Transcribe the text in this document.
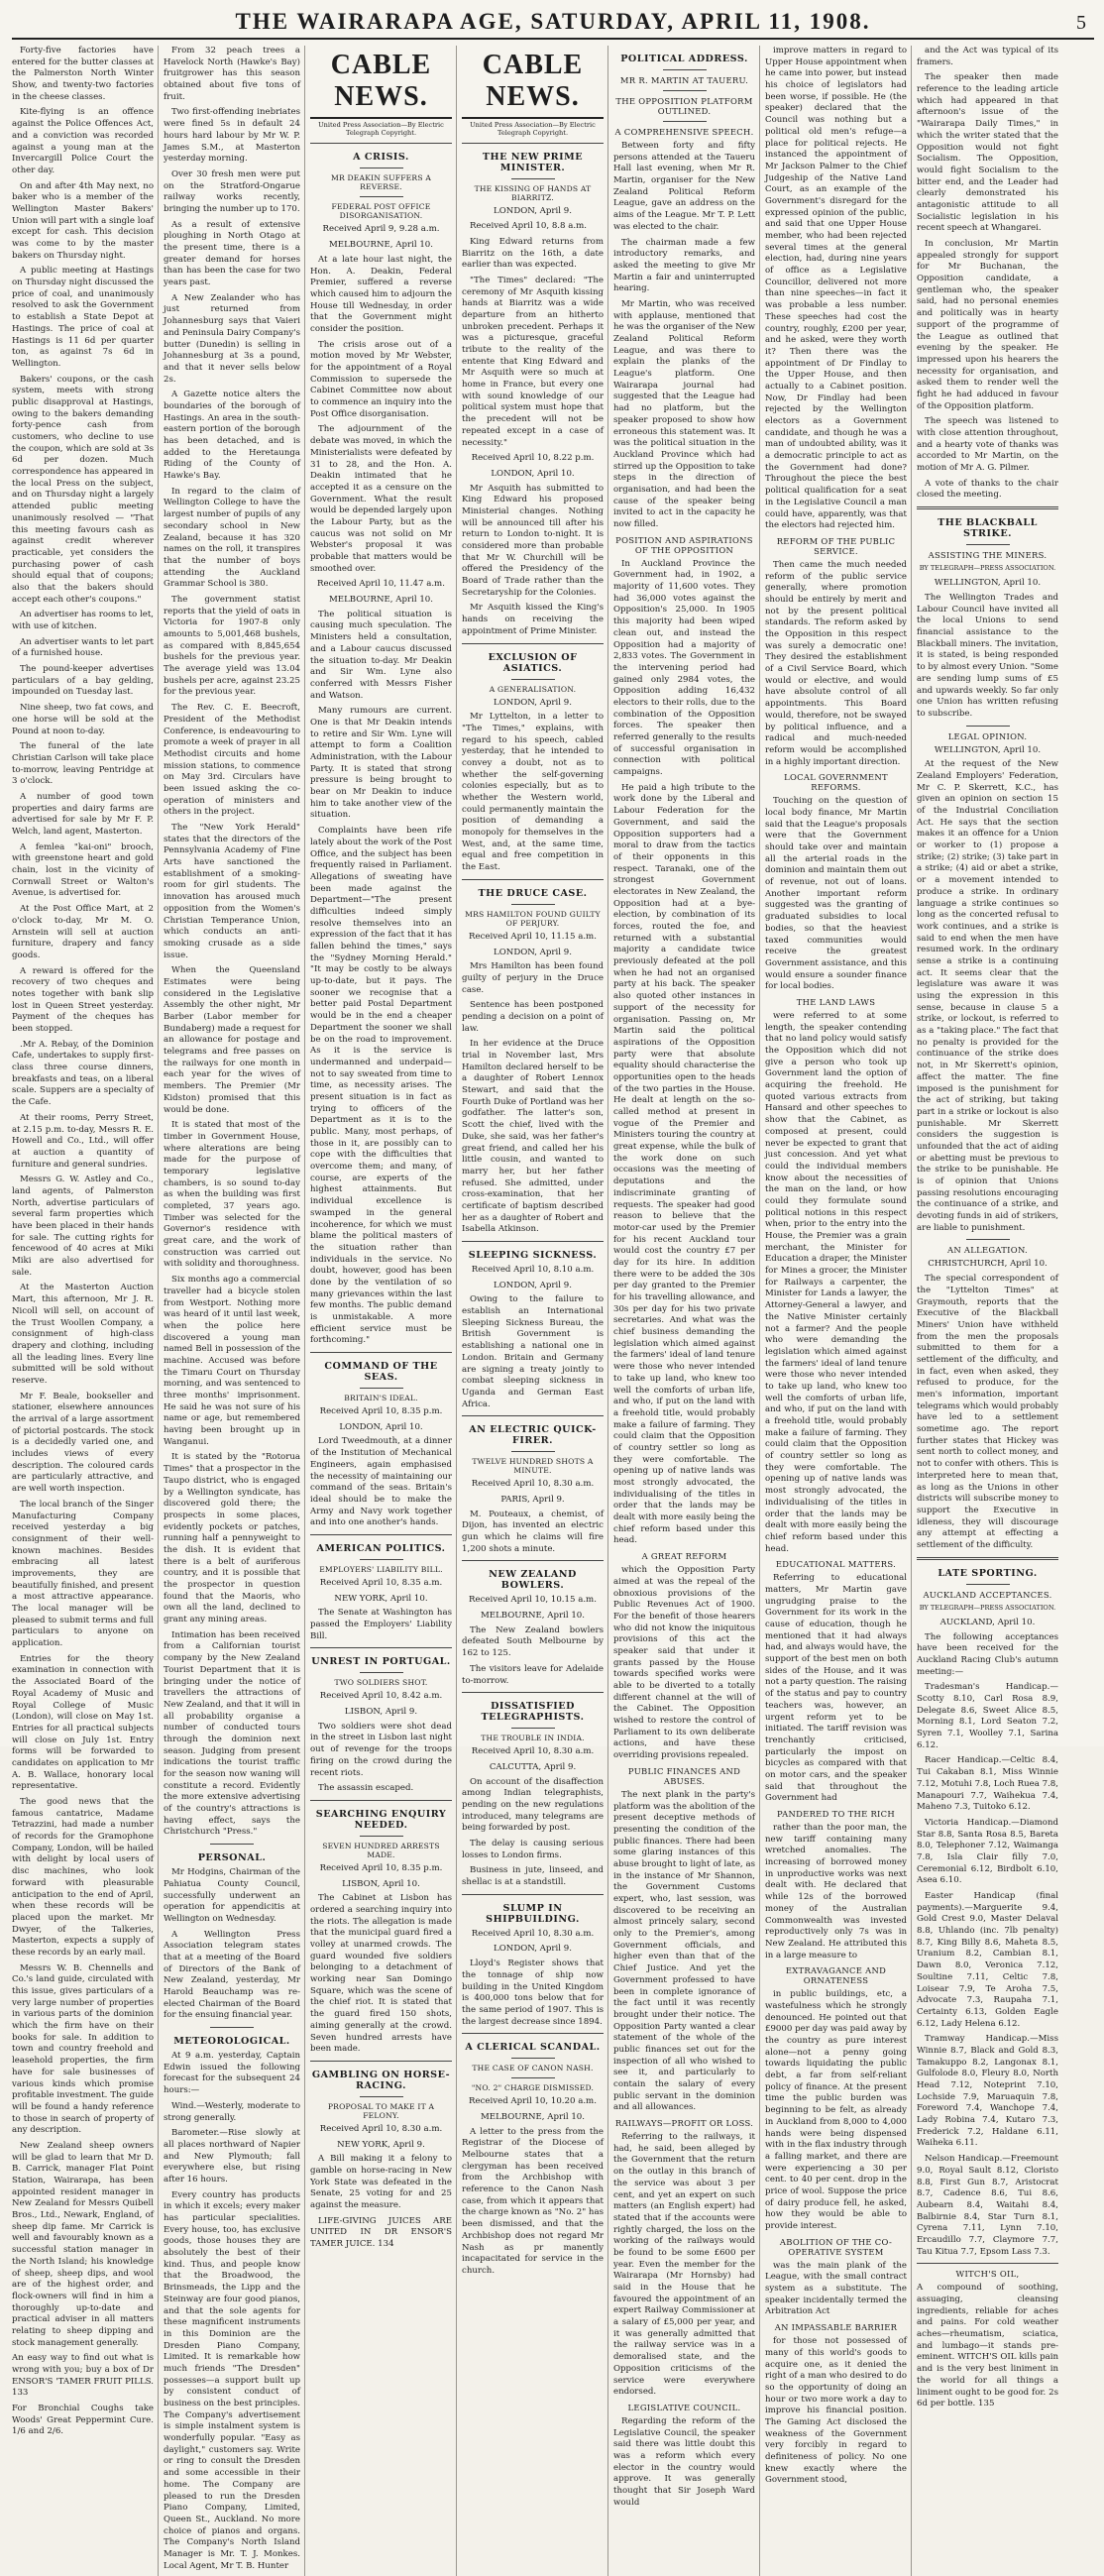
THE WAIRARAPA AGE, SATURDAY, APRIL 11, 1908.	5

Forty-five factories have entered for the butter classes at the Palmerston North Winter Show, and twenty-two factories in the cheese classes.

Kite-flying is an offence against the Police Offences Act, and a conviction was recorded against a young man at the Invercargill Police Court the other day.

On and after 4th May next, no baker who is a member of the Wellington Master Bakers' Union will part with a single loaf except for cash. This decision was come to by the master bakers on Thursday night.

A public meeting at Hastings on Thursday night discussed the price of coal, and unanimously resolved to ask the Government to establish a State Depot at Hastings. The price of coal at Hastings is 11 6d per quarter ton, as against 7s 6d in Wellington.

Bakers' coupons, or the cash system, meets with strong public disapproval at Hastings, owing to the bakers demanding forty-pence cash from customers, who decline to use the coupon, which are sold at 3s 6d per dozen. Much correspondence has appeared in the local Press on the subject, and on Thursday night a largely attended public meeting unanimously resolved — "That this meeting favours cash as against credit wherever practicable, yet considers the purchasing power of cash should equal that of coupons; also that the bakers should accept each other's coupons."

An advertiser has rooms to let, with use of kitchen.

An advertiser wants to let part of a furnished house.

The pound-keeper advertises particulars of a bay gelding, impounded on Tuesday last.

Nine sheep, two fat cows, and one horse will be sold at the Pound at noon to-day.

The funeral of the late Christian Carlson will take place to-morrow, leaving Pentridge at 3 o'clock.

A number of good town properties and dairy farms are advertised for sale by Mr F. P. Welch, land agent, Masterton.

A femlea "kai-oni" brooch, with greenstone heart and gold chain, lost in the vicinity of Cornwall Street or Walton's Avenue, is advertised for.

At the Post Office Mart, at 2 o'clock to-day, Mr M. O. Arnstein will sell at auction furniture, drapery and fancy goods.

A reward is offered for the recovery of two cheques and notes together with bank slip lost in Queen Street yesterday. Payment of the cheques has been stopped.

.Mr A. Rebay, of the Dominion Cafe, undertakes to supply first-class three course dinners, breakfasts and teas, on a liberal scale. Suppers are a specialty of the Cafe.

At their rooms, Perry Street, at 2.15 p.m. to-day, Messrs R. E. Howell and Co., Ltd., will offer at auction a quantity of furniture and general sundries.

Messrs G. W. Astley and Co., land agents, of Palmerston North, advertise particulars of several farm properties which have been placed in their hands for sale. The cutting rights for fencewood of 40 acres at Miki Miki are also advertised for sale.

At the Masterton Auction Mart, this afternoon, Mr J. R. Nicoll will sell, on account of the Trust Woollen Company, a consignment of high-class drapery and clothing, including all the leading lines. Every line submitted will be sold without reserve.

Mr F. Beale, bookseller and stationer, elsewhere announces the arrival of a large assortment of pictorial postcards. The stock is a decidedly varied one, and includes views of every description. The coloured cards are particularly attractive, and are well worth inspection.

The local branch of the Singer Manufacturing Company received yesterday a big consignment of their well-known machines. Besides embracing all latest improvements, they are beautifully finished, and present a most attractive appearance. The local manager will be pleased to submit terms and full particulars to anyone on application.

Entries for the theory examination in connection with the Associated Board of the Royal Academy of Music and Royal College of Music (London), will close on May 1st. Entries for all practical subjects will close on July 1st. Entry forms will be forwarded to candidates on application to Mr A. B. Wallace, honorary local representative.

The good news that the famous cantatrice, Madame Tetrazzini, had made a number of records for the Gramophone Company, London, will be hailed with delight by local users of disc machines, who look forward with pleasurable anticipation to the end of April, when these records will be placed upon the market. Mr Dwyer, of the Talkeries, Masterton, expects a supply of these records by an early mail.

Messrs W. B. Chennells and Co.'s land guide, circulated with this issue, gives particulars of a very large number of properties in various parts of the dominion which the firm have on their books for sale. In addition to town and country freehold and leasehold properties, the firm have for sale businesses of various kinds which promise profitable investment. The guide will be found a handy reference to those in search of property of any description.

New Zealand sheep owners will be glad to learn that Mr D. B. Carrick, manager Flat Point Station, Wairarapa, has been appointed resident manager in New Zealand for Messrs Quibell Bros., Ltd., Newark, England, of sheep dip fame. Mr Carrick is well and favourably known as a successful station manager in the North Island; his knowledge of sheep, sheep dips, and wool are of the highest order, and flock-owners will find in him a thoroughly up-to-date and practical adviser in all matters relating to sheep dipping and stock management generally.

An easy way to find out what is wrong with you; buy a box of Dr ENSOR'S 'TAMER FRUIT PILLS. 133

For Bronchial Coughs take Woods' Great Peppermint Cure. 1/6 and 2/6.

From 32 peach trees a Havelock North (Hawke's Bay) fruitgrower has this season obtained about five tons of fruit.

Two first-offending inebriates were fined 5s in default 24 hours hard labour by Mr W. P. James S.M., at Masterton yesterday morning.

Over 30 fresh men were put on the Stratford-Ongarue railway works recently, bringing the number up to 170.

As a result of extensive ploughing in North Otago at the present time, there is a greater demand for horses than has been the case for two years past.

A New Zealander who has just returned from Johannesburg says that Vaieri and Peninsula Dairy Company's butter (Dunedin) is selling in Johannesburg at 3s a pound, and that it never sells below 2s.

A Gazette notice alters the boundaries of the borough of Hastings. An area in the south-eastern portion of the borough has been detached, and is added to the Heretaunga Riding of the County of Hawke's Bay.

In regard to the claim of Wellington College to have the largest number of pupils of any secondary school in New Zealand, because it has 320 names on the roll, it transpires that the number of boys attending the Auckland Grammar School is 380.

The government statist reports that the yield of oats in Victoria for 1907-8 only amounts to 5,001,468 bushels, as compared with 8,845,654 bushels for the previous year. The average yield was 13.04 bushels per acre, against 23.25 for the previous year.

The Rev. C. E. Beecroft, President of the Methodist Conference, is endeavouring to promote a week of prayer in all Methodist circuits and home mission stations, to commence on May 3rd. Circulars have been issued asking the co-operation of ministers and others in the project.

The "New York Herald" states that the directors of the Pennsylvania Academy of Fine Arts have sanctioned the establishment of a smoking-room for girl students. The innovation has aroused much opposition from the Women's Christian Temperance Union, which conducts an anti-smoking crusade as a side issue.

When the Queensland Estimates were being considered in the Legislative Assembly the other night, Mr Barber (Labor member for Bundaberg) made a request for an allowance for postage and telegrams and free passes on the railways for one month in each year for the wives of members. The Premier (Mr Kidston) promised that this would be done.

It is stated that most of the timber in Government House, where alterations are being made for the purpose of temporary legislative chambers, is so sound to-day as when the building was first completed, 37 years ago. Timber was selected for the Governor's residence with great care, and the work of construction was carried out with solidity and thoroughness.

Six months ago a commercial traveller had a bicycle stolen from Westport. Nothing more was heard of it until last week, when the police here discovered a young man named Bell in possession of the machine. Accused was before the Timaru Court on Thursday morning, and was sentenced to three months' imprisonment. He said he was not sure of his name or age, but remembered having been brought up in Wanganui.

It is stated by the "Rotorua Times" that a prospector in the Taupo district, who is engaged by a Wellington syndicate, has discovered gold there; the prospects in some places, evidently pockets or patches, running half a pennyweight to the dish. It is evident that there is a belt of auriferous country, and it is possible that the prospector in question found that the Maoris, who own all the land, declined to grant any mining areas.

Intimation has been received from a Californian tourist company by the New Zealand Tourist Department that it is bringing under the notice of travellers the attractions of New Zealand, and that it will in all probability organise a number of conducted tours through the dominion next season. Judging from present indications the tourist traffic for the season now waning will constitute a record. Evidently the more extensive advertising of the country's attractions is having effect, says the Christchurch "Press."

PERSONAL.

Mr Hodgins, Chairman of the Pahiatua County Council, successfully underwent an operation for appendicitis at Wellington on Wednesday.

A Wellington Press Association telegram states that at a meeting of the Board of Directors of the Bank of New Zealand, yesterday, Mr Harold Beauchamp was re-elected Chairman of the Board for the ensuing financial year.

METEOROLOGICAL.

At 9 a.m. yesterday, Captain Edwin issued the following forecast for the subsequent 24 hours:—

Wind.—Westerly, moderate to strong generally.

Barometer.—Rise slowly at all places northward of Napier and New Plymouth; fall everywhere else, but rising after 16 hours.

Every country has products in which it excels; every maker has particular specialities. Every house, too, has exclusive goods, those houses they are absolutely the best of their kind. Thus, and people know that the Broadwood, the Brinsmeads, the Lipp and the Steinway are four good pianos, and that the sole agents for these magnificent instruments in this Dominion are the Dresden Piano Company, Limited. It is remarkable how much friends "The Dresden" possesses—a support built up by consistent conduct of business on the best principles. The Company's advertisement is simple instalment system is wonderfully popular. "Easy as daylight," customers say. Write or ring to consult the Dresden and some accessible in their home. The Company are pleased to run the Dresden Piano Company, Limited, Queen St., Auckland. No more choice of pianos and organs. The Company's North Island Manager is Mr. T. J. Monkes. Local Agent, Mr T. B. Hunter

CABLE NEWS.

United Press Association—By Electric Telegraph Copyright.

A CRISIS.
MR DEAKIN SUFFERS A REVERSE.
FEDERAL POST OFFICE DISORGANISATION.

Received April 9, 9.28 a.m.

MELBOURNE, April 10.

At a late hour last night, the Hon. A. Deakin, Federal Premier, suffered a reverse which caused him to adjourn the House till Wednesday, in order that the Government might consider the position.

The crisis arose out of a motion moved by Mr Webster, for the appointment of a Royal Commission to supersede the Cabinet Committee now about to commence an inquiry into the Post Office disorganisation.

The adjournment of the debate was moved, in which the Ministerialists were defeated by 31 to 28, and the Hon. A. Deakin intimated that he accepted it as a censure on the Government. What the result would be depended largely upon the Labour Party, but as the caucus was not solid on Mr Webster's proposal it was probable that matters would be smoothed over.

Received April 10, 11.47 a.m.

MELBOURNE, April 10.

The political situation is causing much speculation. The Ministers held a consultation, and a Labour caucus discussed the situation to-day. Mr Deakin and Sir Wm. Lyne also conferred with Messrs Fisher and Watson.

Many rumours are current. One is that Mr Deakin intends to retire and Sir Wm. Lyne will attempt to form a Coalition Administration, with the Labour Party. It is stated that strong pressure is being brought to bear on Mr Deakin to induce him to take another view of the situation.

Complaints have been rife lately about the work of the Post Office, and the subject has been frequently raised in Parliament. Allegations of sweating have been made against the Department—"The present difficulties indeed simply resolve themselves into an expression of the fact that it has fallen behind the times," says the "Sydney Morning Herald." "It may be costly to be always up-to-date, but it pays. The sooner we recognise that a better paid Postal Department would be in the end a cheaper Department the sooner we shall be on the road to improvement. As it is the service is undermanned and underpaid—not to say sweated from time to time, as necessity arises. The present situation is in fact as trying to officers of the Department as it is to the public. Many, most perhaps, of those in it, are possibly can to cope with the difficulties that overcome them; and many, of course, are experts of the highest attainments. But individual excellence is swamped in the general incoherence, for which we must blame the political masters of the situation rather than individuals in the service. No doubt, however, good has been done by the ventilation of so many grievances within the last few months. The public demand is unmistakable. A more efficient service must be forthcoming."

COMMAND OF THE SEAS.
BRITAIN'S IDEAL.

Received April 10, 8.35 p.m.

LONDON, April 10.

Lord Tweedmouth, at a dinner of the Institution of Mechanical Engineers, again emphasised the necessity of maintaining our command of the seas. Britain's ideal should be to make the Army and Navy work together and into one another's hands.

AMERICAN POLITICS.
EMPLOYERS' LIABILITY BILL.

Received April 10, 8.35 a.m.

NEW YORK, April 10.

The Senate at Washington has passed the Employers' Liability Bill.

UNREST IN PORTUGAL.
TWO SOLDIERS SHOT.

Received April 10, 8.42 a.m.

LISBON, April 9.

Two soldiers were shot dead in the street in Lisbon last night out of revenge for the troops firing on the crowd during the recent riots.

The assassin escaped.

SEARCHING ENQUIRY NEEDED.
SEVEN HUNDRED ARRESTS MADE.

Received April 10, 8.35 p.m.

LISBON, April 10.

The Cabinet at Lisbon has ordered a searching inquiry into the riots. The allegation is made that the municipal guard fired a volley at unarmed crowds. The guard wounded five soldiers belonging to a detachment of working near San Domingo Square, which was the scene of the chief riot. It is stated that the guard fired 150 shots, aiming generally at the crowd. Seven hundred arrests have been made.

GAMBLING ON HORSE-RACING.
PROPOSAL TO MAKE IT A FELONY.

Received April 10, 8.30 a.m.

NEW YORK, April 9.

A Bill making it a felony to gamble on horse-racing in New York State was defeated in the Senate, 25 voting for and 25 against the measure.

LIFE-GIVING JUICES ARE UNITED IN DR ENSOR'S TAMER JUICE. 134

CABLE NEWS.

United Press Association—By Electric Telegraph Copyright.

THE NEW PRIME MINISTER.
THE KISSING OF HANDS AT BIARRITZ.

LONDON, April 9.

Received April 10, 8.8 a.m.

King Edward returns from Biarritz on the 16th, a date earlier than was expected.

"The Times" declared: "The ceremony of Mr Asquith kissing hands at Biarritz was a wide departure from an hitherto unbroken precedent. Perhaps it was a picturesque, graceful tribute to the reality of the entente that King Edward and Mr Asquith were so much at home in France, but every one with sound knowledge of our political system must hope that the precedent will not be repeated except in a case of necessity."

Received April 10, 8.22 p.m.

LONDON, April 10.

Mr Asquith has submitted to King Edward his proposed Ministerial changes. Nothing will be announced till after his return to London to-night. It is considered more than probable that Mr W. Churchill will be offered the Presidency of the Board of Trade rather than the Secretaryship for the Colonies.

Mr Asquith kissed the King's hands on receiving the appointment of Prime Minister.

EXCLUSION OF ASIATICS.
A GENERALISATION.

LONDON, April 9.

Mr Lyttelton, in a letter to "The Times," explains, with regard to his speech, cabled yesterday, that he intended to convey a doubt, not as to whether the self-governing colonies especially, but as to whether the Western world, could permanently maintain the position of demanding a monopoly for themselves in the West, and, at the same time, equal and free competition in the East.

THE DRUCE CASE.
MRS HAMILTON FOUND GUILTY OF PERJURY.

Received April 10, 11.15 a.m.

LONDON, April 9.

Mrs Hamilton has been found guilty of perjury in the Druce case.

Sentence has been postponed pending a decision on a point of law.

In her evidence at the Druce trial in November last, Mrs Hamilton declared herself to be a daughter of Robert Lennox Stewart, and said that the Fourth Duke of Portland was her godfather. The latter's son, Scott the chief, lived with the Duke, she said, was her father's great friend, and called her his little cousin, and wanted to marry her, but her father refused. She admitted, under cross-examination, that her certificate of baptism described her as a daughter of Robert and Isabella Atkinson.

SLEEPING SICKNESS.

Received April 10, 8.10 a.m.

LONDON, April 9.

Owing to the failure to establish an International Sleeping Sickness Bureau, the British Government is establishing a national one in London. Britain and Germany are signing a treaty jointly to combat sleeping sickness in Uganda and German East Africa.

AN ELECTRIC QUICK-FIRER.
TWELVE HUNDRED SHOTS A MINUTE.

Received April 10, 8.30 a.m.

PARIS, April 9.

M. Pouteaux, a chemist, of Dijon, has invented an electric gun which he claims will fire 1,200 shots a minute.

NEW ZEALAND BOWLERS.

Received April 10, 10.15 a.m.

MELBOURNE, April 10.

The New Zealand bowlers defeated South Melbourne by 162 to 125.

The visitors leave for Adelaide to-morrow.

DISSATISFIED TELEGRAPHISTS.
THE TROUBLE IN INDIA.

Received April 10, 8.30 a.m.

CALCUTTA, April 9.

On account of the disaffection among Indian telegraphists, pending on the new regulations introduced, many telegrams are being forwarded by post.

The delay is causing serious losses to London firms.

Business in jute, linseed, and shellac is at a standstill.

SLUMP IN SHIPBUILDING.

Received April 10, 8.30 a.m.

LONDON, April 9.

Lloyd's Register shows that the tonnage of ship now building in the United Kingdom is 400,000 tons below that for the same period of 1907. This is the largest decrease since 1894.

A CLERICAL SCANDAL.
THE CASE OF CANON NASH.
"NO. 2" CHARGE DISMISSED.

Received April 10, 10.20 a.m.

MELBOURNE, April 10.

A letter to the press from the Registrar of the Diocese of Melbourne states that a clergyman has been received from the Archbishop with reference to the Canon Nash case, from which it appears that the charge known as "No. 2" has been dismissed, and that the Archbishop does not regard Mr Nash as pr manently incapacitated for service in the church.

POLITICAL ADDRESS.
MR R. MARTIN AT TAUERU.
THE OPPOSITION PLATFORM OUTLINED.
A COMPREHENSIVE SPEECH.

Between forty and fifty persons attended at the Taueru Hall last evening, when Mr R. Martin, organiser for the New Zealand Political Reform League, gave an address on the aims of the League. Mr T. P. Lett was elected to the chair.

The chairman made a few introductory remarks, and asked the meeting to give Mr Martin a fair and uninterrupted hearing.

Mr Martin, who was received with applause, mentioned that he was the organiser of the New Zealand Political Reform League, and was there to explain the planks of the League's platform. One Wairarapa journal had suggested that the League had had no platform, but the speaker proposed to show how erroneous this statement was. It was the political situation in the Auckland Province which had stirred up the Opposition to take steps in the direction of organisation, and had been the cause of the speaker being invited to act in the capacity he now filled.

POSITION AND ASPIRATIONS OF THE OPPOSITION

In Auckland Province the Government had, in 1902, a majority of 11,600 votes. They had 36,000 votes against the Opposition's 25,000. In 1905 this majority had been wiped clean out, and instead the Opposition had a majority of 2,833 votes. The Government in the intervening period had gained only 2984 votes, the Opposition adding 16,432 electors to their rolls, due to the combination of the Opposition forces. The speaker then referred generally to the results of successful organisation in connection with political campaigns.

He paid a high tribute to the work done by the Liberal and Labour Federation for the Government, and said the Opposition supporters had a moral to draw from the tactics of their opponents in this respect. Taranaki, one of the strongest Government electorates in New Zealand, the Opposition had at a bye-election, by combination of its forces, routed the foe, and returned with a substantial majority a candidate twice previously defeated at the poll when he had not an organised party at his back. The speaker also quoted other instances in support of the necessity for organisation. Passing on, Mr Martin said the political aspirations of the Opposition party were that absolute equality should characterise the opportunities open to the heads of the two parties in the House. He dealt at length on the so-called method at present in vogue of the Premier and Ministers touring the country at great expense, while the bulk of the work done on such occasions was the meeting of deputations and the indiscriminate granting of requests. The speaker had good reason to believe that the motor-car used by the Premier for his recent Auckland tour would cost the country £7 per day for its hire. In addition there were to be added the 30s per day granted to the Premier for his travelling allowance, and 30s per day for his two private secretaries. And what was the chief business demanding the legislation which aimed against the farmers' ideal of land tenure were those who never intended to take up land, who knew too well the comforts of urban life, and who, if put on the land with a freehold title, would probably make a failure of farming. They could claim that the Opposition of country settler so long as they were comfortable. The opening up of native lands was most strongly advocated, the individualising of the titles in order that the lands may be dealt with more easily being the chief reform based under this head.

A GREAT REFORM

which the Opposition Party aimed at was the repeal of the obnoxious provisions of the Public Revenues Act of 1900. For the benefit of those hearers who did not know the iniquitous provisions of this act the speaker said that under it grants passed by the House towards specified works were able to be diverted to a totally different channel at the will of the Cabinet. The Opposition wished to restore the control of Parliament to its own deliberate actions, and have these overriding provisions repealed.

PUBLIC FINANCES AND ABUSES.

The next plank in the party's platform was the abolition of the present deceptive methods of presenting the condition of the public finances. There had been some glaring instances of this abuse brought to light of late, as in the instance of Mr Shannon, the Government Customs expert, who, last session, was discovered to be receiving an almost princely salary, second only to the Premier's, among Government officials, and higher even than that of the Chief Justice. And yet the Government professed to have been in complete ignorance of the fact until it was recently brought under their notice. The Opposition Party wanted a clear statement of the whole of the public finances set out for the inspection of all who wished to see it, and particularly to contain the salary of every public servant in the dominion and all allowances.

RAILWAYS—PROFIT OR LOSS.

Referring to the railways, it had, he said, been alleged by the Government that the return on the outlay in this branch of the service was about 3 per cent, and yet an expert on such matters (an English expert) had stated that if the accounts were rightly charged, the loss on the working of the railways would be found to be some £600 per year. Even the member for the Wairarapa (Mr Hornsby) had said in the House that he favoured the appointment of an expert Railway Commissioner at a salary of £5,000 per year, and it was generally admitted that the railway service was in a demoralised state, and the Opposition criticisms of the service were everywhere endorsed.

LEGISLATIVE COUNCIL.

Regarding the reform of the Legislative Council, the speaker said there was little doubt this was a reform which every elector in the country would approve. It was generally thought that Sir Joseph Ward would

improve matters in regard to Upper House appointment when he came into power, but instead his choice of legislators had been worse, if possible. He (the speaker) declared that the Council was nothing but a political old men's refuge—a place for political rejects. He instanced the appointment of Mr Jackson Palmer to the Chief Judgeship of the Native Land Court, as an example of the Government's disregard for the expressed opinion of the public, and said that one Upper House member, who had been rejected several times at the general election, had, during nine years of office as a Legislative Councillor, delivered not more than nine speeches—in fact it was probable a less number. These speeches had cost the country, roughly, £200 per year, and he asked, were they worth it? Then there was the appointment of Dr Findlay to the Upper House, and then actually to a Cabinet position. Now, Dr Findlay had been rejected by the Wellington electors as a Government candidate, and though he was a man of undoubted ability, was it a democratic principle to act as the Government had done? Throughout the piece the best political qualification for a seat in the Legislative Council a man could have, apparently, was that the electors had rejected him.

REFORM OF THE PUBLIC SERVICE.

Then came the much needed reform of the public service generally, where promotion should be entirely by merit and not by the present political standards. The reform asked by the Opposition in this respect was surely a democratic one! They desired the establishment of a Civil Service Board, which would or elective, and would have absolute control of all appointments. This Board would, therefore, not be swayed by political influence, and a radical and much-needed reform would be accomplished in a highly important direction.

LOCAL GOVERNMENT REFORMS.

Touching on the question of local body finance, Mr Martin said that the League's proposals were that the Government should take over and maintain all the arterial roads in the dominion and maintain them out of revenue, not out of loans. Another important reform suggested was the granting of graduated subsidies to local bodies, so that the heaviest taxed communities would receive the greatest Government assistance, and this would ensure a sounder finance for local bodies.

THE LAND LAWS

were referred to at some length, the speaker contending that no land policy would satisfy the Opposition which did not give a person who took up Government land the option of acquiring the freehold. He quoted various extracts from Hansard and other speeches to show that the Cabinet, as composed at present, could never be expected to grant that just concession. And yet what could the individual members know about the necessities of the man on the land, or how could they formulate sound political notions in this respect when, prior to the entry into the House, the Premier was a grain merchant, the Minister for Education a draper, the Minister for Mines a grocer, the Minister for Railways a carpenter, the Minister for Lands a lawyer, the Attorney-General a lawyer, and the Native Minister certainly not a farmer? And the people who were demanding the legislation which aimed against the farmers' ideal of land tenure were those who never intended to take up land, who knew too well the comforts of urban life, and who, if put on the land with a freehold title, would probably make a failure of farming. They could claim that the Opposition of country settler so long as they were comfortable. The opening up of native lands was most strongly advocated, the individualising of the titles in order that the lands may be dealt with more easily being the chief reform based under this head.

EDUCATIONAL MATTERS.

Referring to educational matters, Mr Martin gave ungrudging praise to the Government for its work in the cause of education, though he mentioned that it had always had, and always would have, the support of the best men on both sides of the House, and it was not a party question. The raising of the status and pay to country teachers was, however, an urgent reform yet to be initiated. The tariff revision was trenchantly criticised, particularly the impost on bicycles as compared with that on motor cars, and the speaker said that throughout the Government had

PANDERED TO THE RICH

rather than the poor man, the new tariff containing many wretched anomalies. The increasing of borrowed money in unproductive works was next dealt with. He declared that while 12s of the borrowed money of the Australian Commonwealth was invested reproductively only 7s was in New Zealand. He attributed this in a large measure to

EXTRAVAGANCE AND ORNATENESS

in public buildings, etc, a wastefulness which he strongly denounced. He pointed out that £9000 per day was paid away by the country as pure interest alone—not a penny going towards liquidating the public debt, a far from self-reliant policy of finance. At the present time the public burden was beginning to be felt, as already in Auckland from 8,000 to 4,000 hands were being dispensed with in the flax industry through a falling market, and there are were experiencing a 30 per cent. to 40 per cent. drop in the price of wool. Suppose the price of dairy produce fell, he asked, how they would be able to provide interest.

ABOLITION OF THE CO-OPERATIVE SYSTEM

was the main plank of the League, with the small contract system as a substitute. The speaker incidentally termed the Arbitration Act

AN IMPASSABLE BARRIER

for those not possessed of many of this world's goods to acquire one, as it denied the right of a man who desired to do so the opportunity of doing an hour or two more work a day to improve his financial position. The Gaming Act disclosed the weakness of the Government very forcibly in regard to definiteness of policy. No one knew exactly where the Government stood,

and the Act was typical of its framers.

The speaker then made reference to the leading article which had appeared in that afternoon's issue of the "Wairarapa Daily Times," in which the writer stated that the Opposition would not fight Socialism. The Opposition, would fight Socialism to the bitter end, and the Leader had clearly demonstrated his antagonistic attitude to all Socialistic legislation in his recent speech at Whangarei.

In conclusion, Mr Martin appealed strongly for support for Mr Buchanan, the Opposition candidate, a gentleman who, the speaker said, had no personal enemies and politically was in hearty support of the programme of the League as outlined that evening by the speaker. He impressed upon his hearers the necessity for organisation, and asked them to render well the fight he had adduced in favour of the Opposition platform.

The speech was listened to with close attention throughout, and a hearty vote of thanks was accorded to Mr Martin, on the motion of Mr A. G. Pilmer.

A vote of thanks to the chair closed the meeting.

THE BLACKBALL STRIKE.
ASSISTING THE MINERS.

BY TELEGRAPH—PRESS ASSOCIATION.

WELLINGTON, April 10.

The Wellington Trades and Labour Council have invited all the local Unions to send financial assistance to the Blackball miners. The invitation, it is stated, is being responded to by almost every Union. "Some are sending lump sums of £5 and upwards weekly. So far only one Union has written refusing to subscribe.

LEGAL OPINION.

WELLINGTON, April 10.

At the request of the New Zealand Employers' Federation, Mr C. P. Skerrett, K.C., has given an opinion on section 15 of the Industrial Conciliation Act. He says that the section makes it an offence for a Union or worker to (1) propose a strike; (2) strike; (3) take part in a strike; (4) aid or abet a strike, or a movement intended to produce a strike. In ordinary language a strike continues so long as the concerted refusal to work continues, and a strike is said to end when the men have resumed work. In the ordinary sense a strike is a continuing act. It seems clear that the legislature was aware it was using the expression in this sense, because in clause 5 a strike, or lockout, is referred to as a "taking place." The fact that no penalty is provided for the continuance of the strike does not, in Mr Skerrett's opinion, affect the matter. The fine imposed is the punishment for the act of striking, but taking part in a strike or lockout is also punishable. Mr Skerrett considers the suggestion is unfounded that the act of aiding or abetting must be previous to the strike to be punishable. He is of opinion that Unions passing resolutions encouraging the continuance of a strike, and devoting funds in aid of strikers, are liable to punishment.

AN ALLEGATION.

CHRISTCHURCH, April 10.

The special correspondent of the "Lyttelton Times" at Graymouth, reports that the Executive of the Blackball Miners' Union have withheld from the men the proposals submitted to them for a settlement of the difficulty, and in fact, even when asked, they refused to produce, for the men's information, important telegrams which would probably have led to a settlement sometime ago. The report further states that Hickey was sent north to collect money, and not to confer with others. This is interpreted here to mean that, as long as the Unions in other districts will subscribe money to support the Executive in idleness, they will discourage any attempt at effecting a settlement of the difficulty.

LATE SPORTING.
AUCKLAND ACCEPTANCES.

BY TELEGRAPH—PRESS ASSOCIATION.

AUCKLAND, April 10.

The following acceptances have been received for the Auckland Racing Club's autumn meeting:—

Tradesman's Handicap.—Scotty 8.10, Carl Rosa 8.9, Delegate 8.6, Sweet Alice 8.5, Morning 8.1, Lord Seaton 7.2, Syren 7.1, Woolley 7.1, Sarina 6.12.

Racer Handicap.—Celtic 8.4, Tui Cakaban 8.1, Miss Winnie 7.12, Motuhi 7.8, Loch Ruea 7.8, Manapouri 7.7, Waihekua 7.4, Maheno 7.3, Tuitoko 6.12.

Victoria Handicap.—Diamond Star 8.8, Santa Rosa 8.5, Bareta 8.0, Telephoner 7.12, Waimanga 7.8, Isla Clair filly 7.0, Ceremonial 6.12, Birdbolt 6.10, Asea 6.10.

Easter Handicap (final payments).—Marguerite 9.4, Gold Crest 9.0, Master Delaval 8.8, Uhlando (inc. 7lb penalty) 8.7, King Billy 8.6, Maheta 8.5, Uranium 8.2, Cambian 8.1, Dawn 8.0, Veronica 7.12, Soultine 7.11, Celtic 7.8, Loisear 7.9, Te Aroha 7.5, Advocate 7.3, Raupaha 7.1, Certainty 6.13, Golden Eagle 6.12, Lady Helena 6.12.

Tramway Handicap.—Miss Winnie 8.7, Black and Gold 8.3, Tamakuppo 8.2, Langonax 8.1, Gulfolode 8.0, Fleury 8.0, North Head 7.12, Noteprint 7.10, Lochside 7.9, Maruaquin 7.8, Foreword 7.4, Wanchope 7.4, Lady Robina 7.4, Kutaro 7.3, Frederick 7.2, Haldane 6.11, Waiheka 6.11.

Nelson Handicap.—Freemount 9.0, Royal Sault 8.12, Cloristo 8.8, First Gun 8.7, Aristocrat 8.7, Cadence 8.6, Tui 8.6, Aubearn 8.4, Waitahi 8.4, Balbirnie 8.4, Star Turn 8.1, Cyrena 7.11, Lynn 7.10, Ercaudillo 7.7, Claymore 7.7, Tau Kitua 7.7, Epsom Lass 7.3.

WITCH'S OIL,

A compound of soothing, assuaging, cleansing ingredients, reliable for aches and pains. For cold weather aches—rheumatism, sciatica, and lumbago—it stands pre-eminent. WITCH'S OIL kills pain and is the very best liniment in the world for all things a liniment ought to be good for. 2s 6d per bottle. 135
